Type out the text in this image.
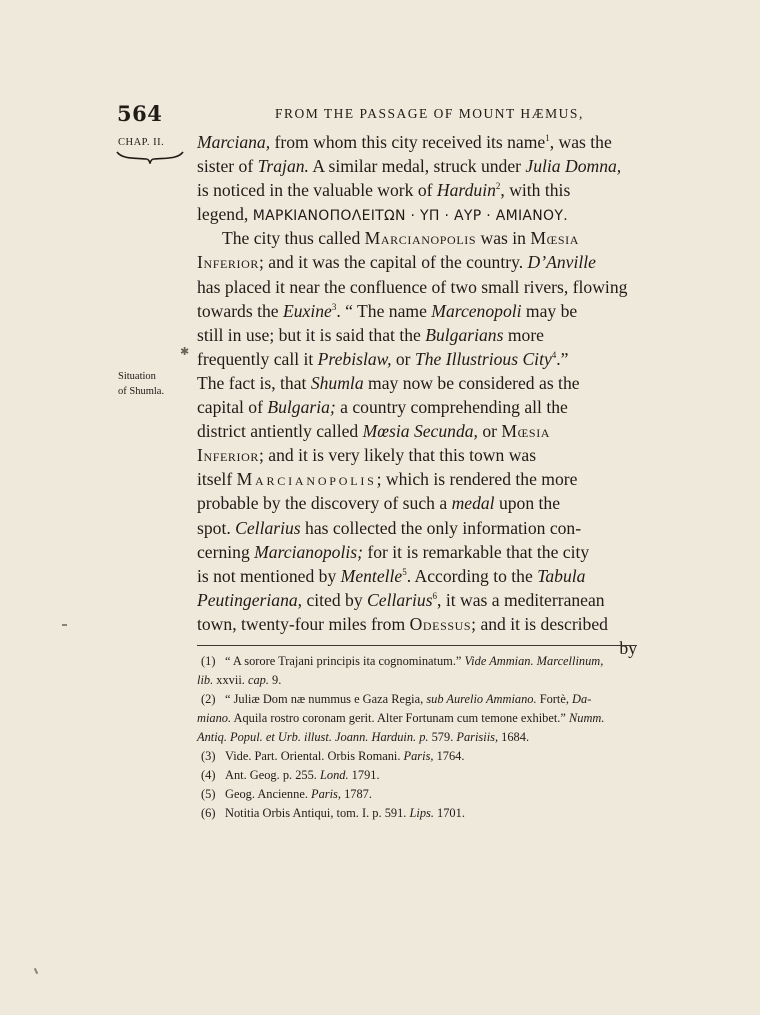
564	FROM THE PASSAGE OF MOUNT HÆMUS,
CHAP. II.
Situation
of Shumla.
✱
Marciana, from whom this city received its name$^1$, was the
sister of Trajan. A similar medal, struck under Julia Domna,
is noticed in the valuable work of Harduin$^2$, with this
legend, ΜΑΡΚΙΑΝΟΠΟΛΕΙΤΩΝ · ΥΠ · ΑΥΡ · ΑΜΙΑΝΟΥ.
The city thus called Marcianopolis was in Mœsia
Inferior; and it was the capital of the country. D’Anville
has placed it near the confluence of two small rivers, flowing
towards the Euxine$^3$. “ The name Marcenopoli may be
still in use; but it is said that the Bulgarians more
frequently call it Prebislaw, or The Illustrious City$^4$.”
The fact is, that Shumla may now be considered as the
capital of Bulgaria; a country comprehending all the
district antiently called Mœsia Secunda, or Mœsia
Inferior; and it is very likely that this town was
itself Marcianopolis; which is rendered the more
probable by the discovery of such a medal upon the
spot. Cellarius has collected the only information con-
cerning Marcianopolis; for it is remarkable that the city
is not mentioned by Mentelle$^5$. According to the Tabula
Peutingeriana, cited by Cellarius$^6$, it was a mediterranean
town, twenty-four miles from Odessus; and it is described
by
(1) “ A sorore Trajani principis ita cognominatum.” Vide Ammian. Marcellinum,
lib. xxvii. cap. 9.
(2) “ Juliæ Dom næ nummus e Gaza Regia, sub Aurelio Ammiano. Fortè, Da-
miano. Aquila rostro coronam gerit. Alter Fortunam cum temone exhibet.” Numm.
Antiq. Popul. et Urb. illust. Joann. Harduin. p. 579. Parisiis, 1684.
(3) Vide. Part. Oriental. Orbis Romani. Paris, 1764.
(4) Ant. Geog. p. 255. Lond. 1791.
(5) Geog. Ancienne. Paris, 1787.
(6) Notitia Orbis Antiqui, tom. I. p. 591. Lips. 1701.
